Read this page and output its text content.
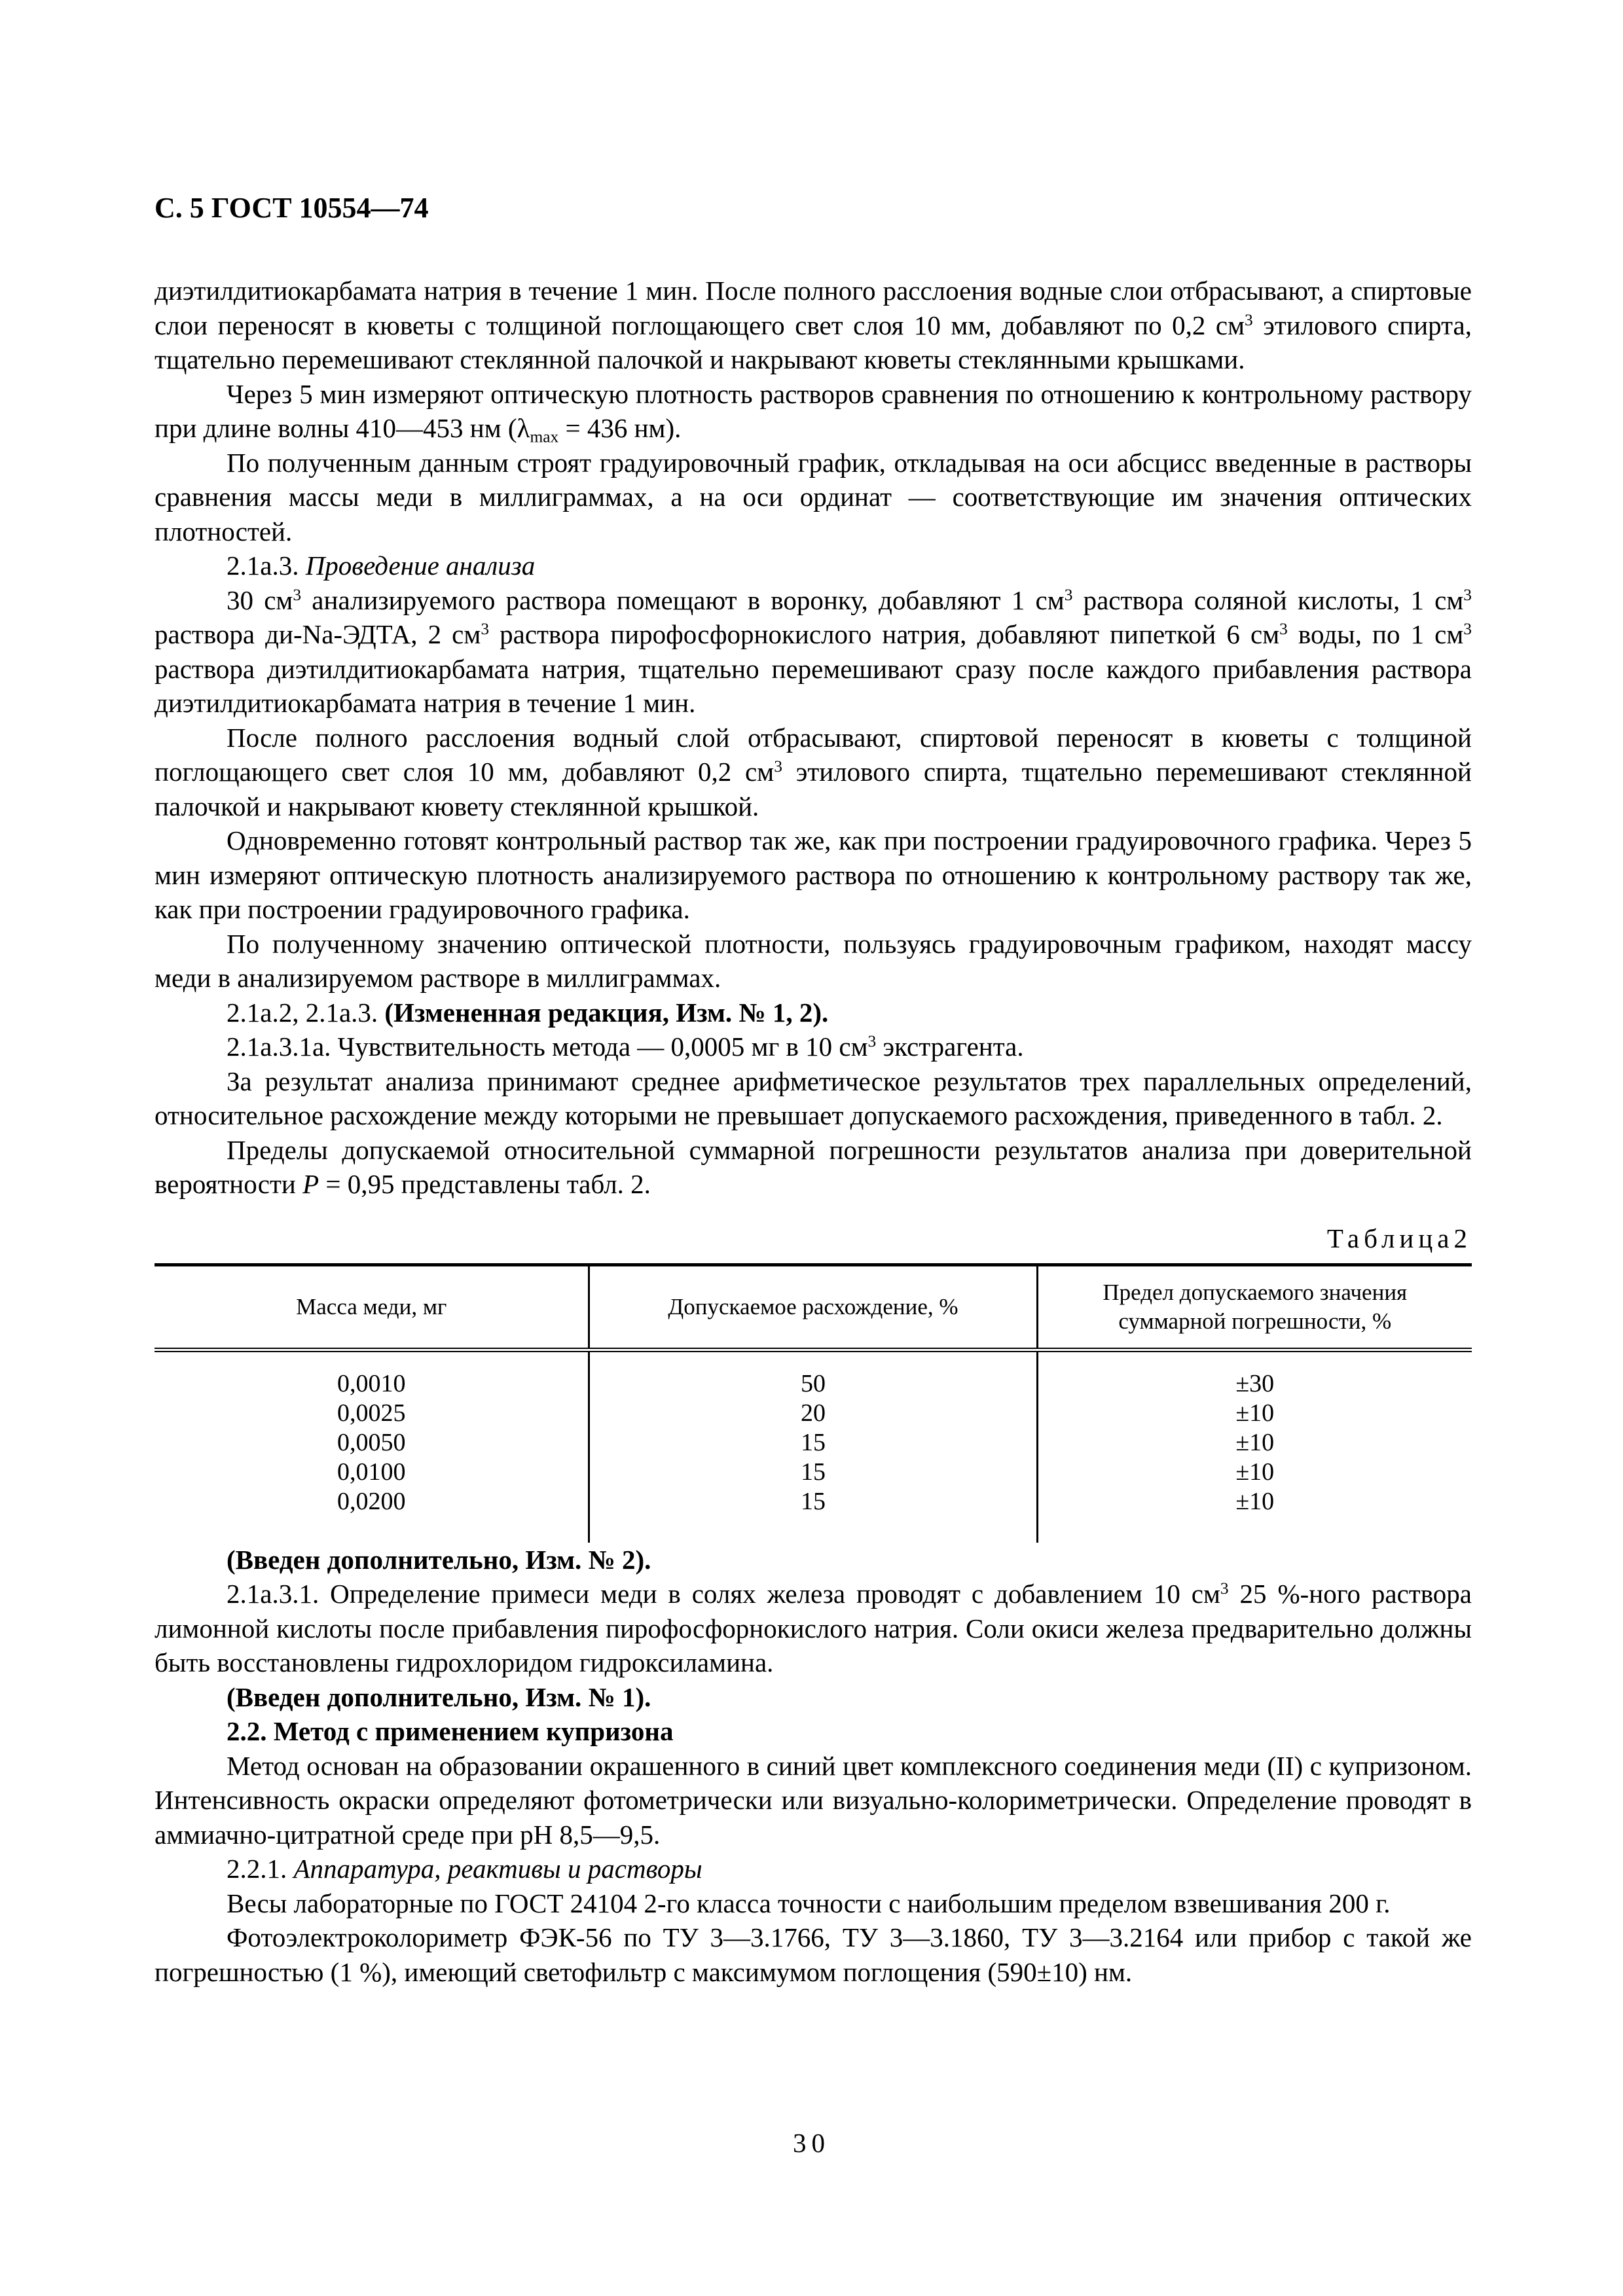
С. 5 ГОСТ 10554—74

диэтилдитиокарбамата натрия в течение 1 мин. После полного расслоения водные слои отбрасывают, а спиртовые слои переносят в кюветы с толщиной поглощающего свет слоя 10 мм, добавляют по 0,2 $см^3$ этилового спирта, тщательно перемешивают стеклянной палочкой и накрывают кюветы стеклянными крышками.

Через 5 мин измеряют оптическую плотность растворов сравнения по отношению к контрольному раствору при длине волны 410—453 нм ($\lambda_{max} = 436$ нм).

По полученным данным строят градуировочный график, откладывая на оси абсцисс введенные в растворы сравнения массы меди в миллиграммах, а на оси ординат — соответствующие им значения оптических плотностей.

2.1а.3. Проведение анализа

30 $см^3$ анализируемого раствора помещают в воронку, добавляют 1 $см^3$ раствора соляной кислоты, 1 $см^3$ раствора ди-Na-ЭДТА, 2 $см^3$ раствора пирофосфорнокислого натрия, добавляют пипеткой 6 $см^3$ воды, по 1 $см^3$ раствора диэтилдитиокарбамата натрия, тщательно перемешивают сразу после каждого прибавления раствора диэтилдитиокарбамата натрия в течение 1 мин.

После полного расслоения водный слой отбрасывают, спиртовой переносят в кюветы с толщиной поглощающего свет слоя 10 мм, добавляют 0,2 $см^3$ этилового спирта, тщательно перемешивают стеклянной палочкой и накрывают кювету стеклянной крышкой.

Одновременно готовят контрольный раствор так же, как при построении градуировочного графика. Через 5 мин измеряют оптическую плотность анализируемого раствора по отношению к контрольному раствору так же, как при построении градуировочного графика.

По полученному значению оптической плотности, пользуясь градуировочным графиком, находят массу меди в анализируемом растворе в миллиграммах.

2.1а.2, 2.1а.3. (Измененная редакция, Изм. № 1, 2).

2.1а.3.1а. Чувствительность метода — 0,0005 мг в 10 $см^3$ экстрагента.

За результат анализа принимают среднее арифметическое результатов трех параллельных определений, относительное расхождение между которыми не превышает допускаемого расхождения, приведенного в табл. 2.

Пределы допускаемой относительной суммарной погрешности результатов анализа при доверительной вероятности P = 0,95 представлены табл. 2.

Таблица2
Масса меди, мг	Допускаемое расхождение, %	Предел допускаемого значения суммарной погрешности, %

0,0010	50	±30
0,0025	20	±10
0,0050	15	±10
0,0100	15	±10
0,0200	15	±10

(Введен дополнительно, Изм. № 2).

2.1а.3.1. Определение примеси меди в солях железа проводят с добавлением 10 $см^3$ 25 %-ного раствора лимонной кислоты после прибавления пирофосфорнокислого натрия. Соли окиси железа предварительно должны быть восстановлены гидрохлоридом гидроксиламина.

(Введен дополнительно, Изм. № 1).

2.2. Метод с применением купризона

Метод основан на образовании окрашенного в синий цвет комплексного соединения меди (II) с купризоном. Интенсивность окраски определяют фотометрически или визуально-колориметрически. Определение проводят в аммиачно-цитратной среде при рН 8,5—9,5.

2.2.1. Аппаратура, реактивы и растворы

Весы лабораторные по ГОСТ 24104 2-го класса точности с наибольшим пределом взвешивания 200 г.

Фотоэлектроколориметр ФЭК-56 по ТУ 3—3.1766, ТУ 3—3.1860, ТУ 3—3.2164 или прибор с такой же погрешностью (1 %), имеющий светофильтр с максимумом поглощения (590±10) нм.

30
